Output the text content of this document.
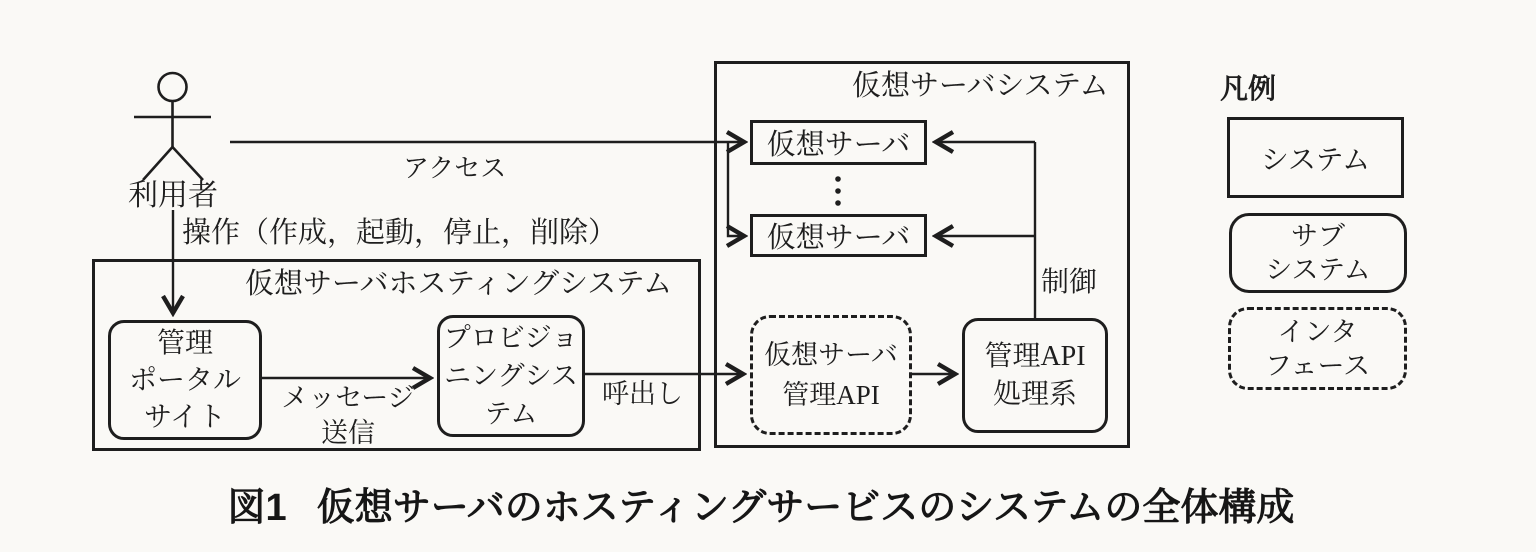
仮想サーバホスティングシステム
管理
ポータル
サイト
プロビジョ
ニングシス
テム
仮想サーバシステム
仮想サーバ
仮想サーバ
仮想サーバ
管理API
管理API
処理系
利用者
アクセス
操作（作成，起動，停止，削除）
メッセージ
送信
呼出し
制御
凡例
システム
サブ
システム
インタ
フェース
図1 仮想サーバのホスティングサービスのシステムの全体構成
